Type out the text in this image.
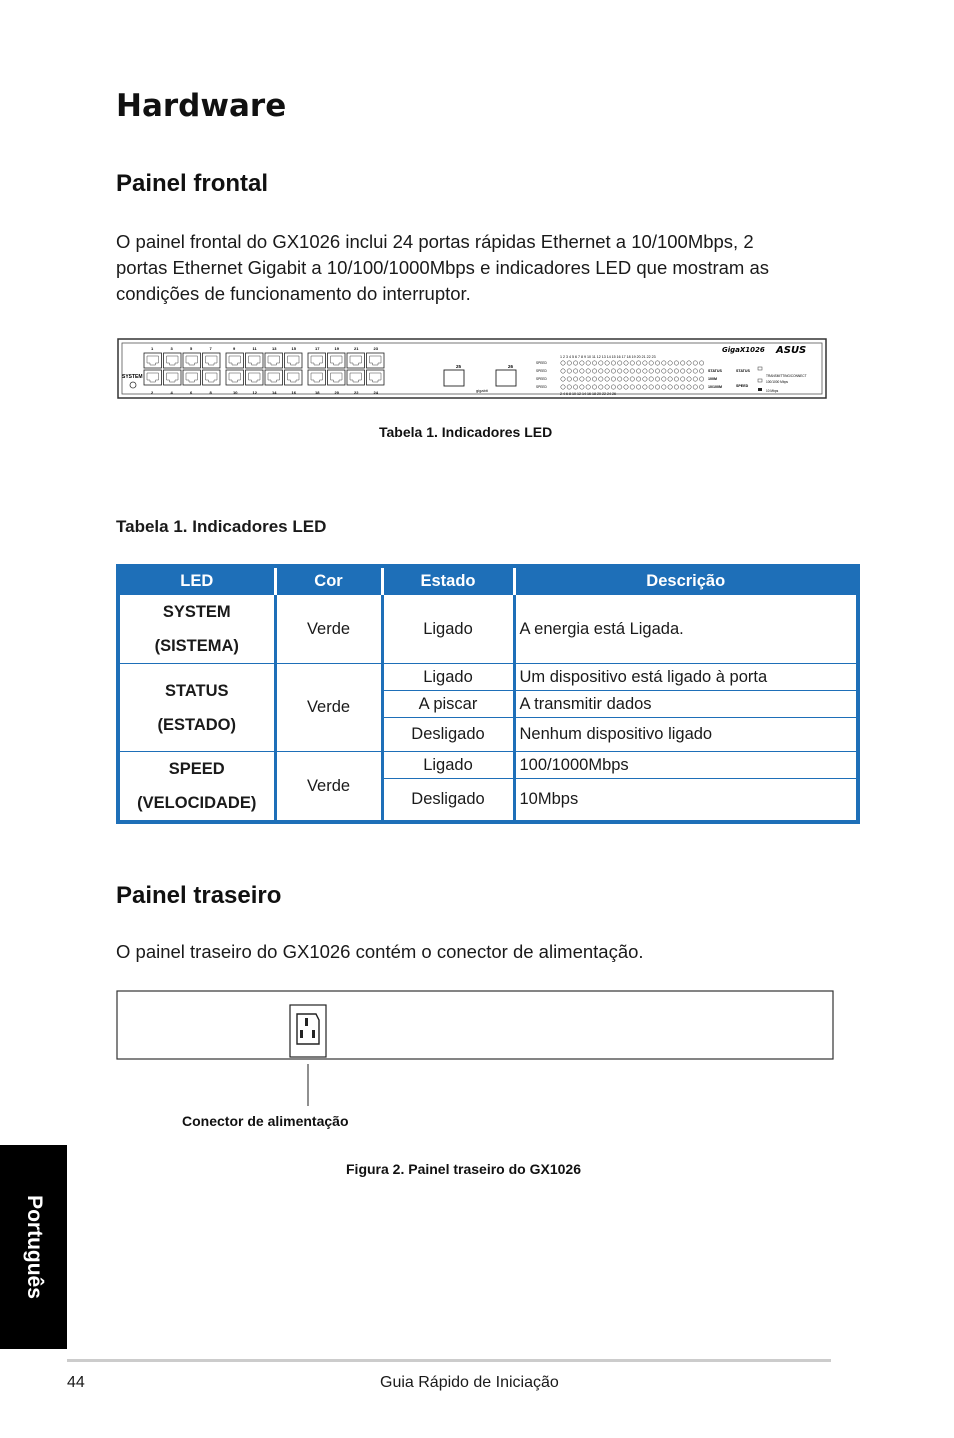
Hardware
Painel frontal
O painel frontal do GX1026 inclui 24 portas rápidas Ethernet a 10/100Mbps, 2
portas Ethernet Gigabit a 10/100/1000Mbps e indicadores LED que mostram as
condições de funcionamento do interruptor.
SYSTEM
1	3	5	7	9	11	13	15	17	19	21	23
2	4	6	8	10	12	14	16	18	20	22	24
25	26
gigabit
1 2 3 4 5 6 7 8 9 10 11 12 13 14 15 16 17 18 19 20 21 22 23
2 4 6 8 10 12 14 16 18 20 22 24 26
SPEED
SPEED
SPEED
SPEED
STATUS
100M
10/100M
GigaX1026 ASUS
STATUS
TRANSMITTING/CONNECT
SPEED
100/1000 Mbps
10 Mbps
Tabela 1. Indicadores LED
Tabela 1. Indicadores LED
LED	Cor	Estado	Descrição

SYSTEM
(SISTEMA)	Verde	Ligado	A energia está Ligada.

STATUS
(ESTADO)	Verde	Ligado	Um dispositivo está ligado à porta
		A piscar	A transmitir dados
		Desligado	Nenhum dispositivo ligado

SPEED
(VELOCIDADE)	Verde	Ligado	100/1000Mbps
		Desligado	10Mbps
Painel traseiro
O painel traseiro do GX1026 contém o conector de alimentação.
Conector de alimentação
Figura 2. Painel traseiro do GX1026
Português
44	Guia Rápido de Iniciação
